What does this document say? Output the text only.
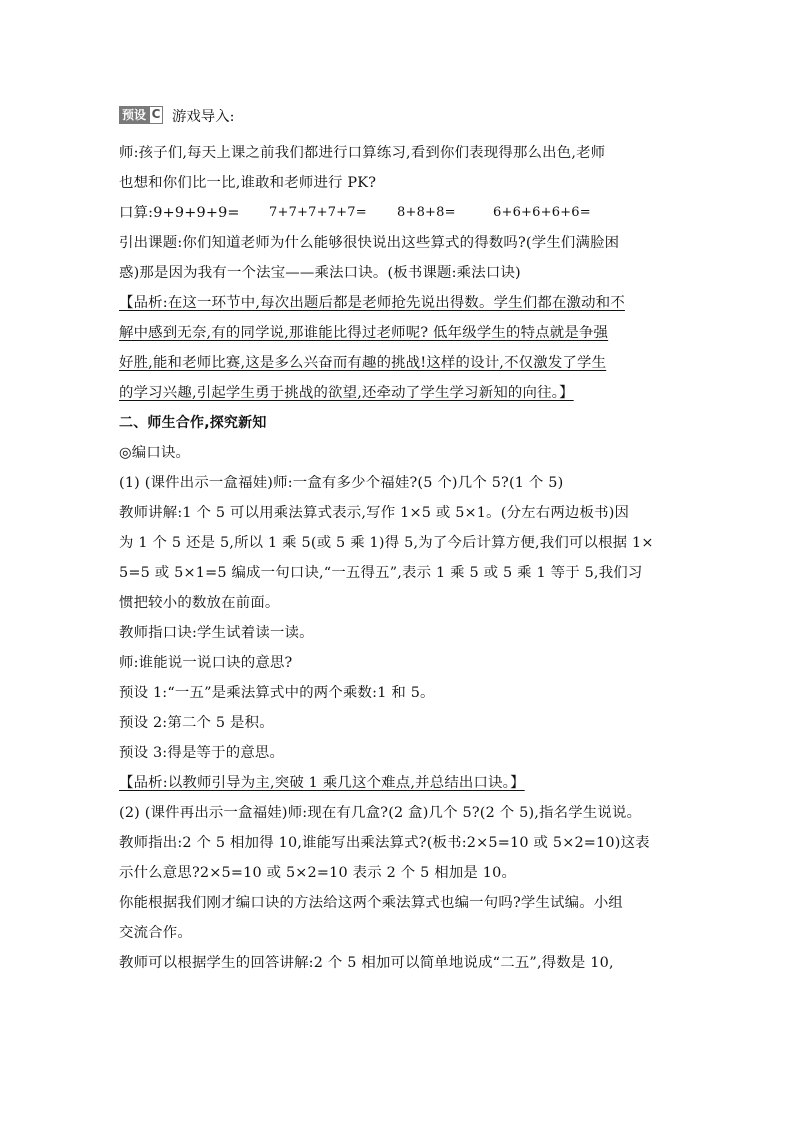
预设 C 游戏导入:
师:孩子们,每天上课之前我们都进行口算练习,看到你们表现得那么出色,老师
也想和你们比一比,谁敢和老师进行 PK?
口算:9+9+9+9=	7+7+7+7+7=	8+8+8=	6+6+6+6+6=
引出课题:你们知道老师为什么能够很快说出这些算式的得数吗?(学生们满脸困
惑)那是因为我有一个法宝——乘法口诀。(板书课题:乘法口诀)
【品析:在这一环节中,每次出题后都是老师抢先说出得数。学生们都在激动和不
解中感到无奈,有的同学说,那谁能比得过老师呢? 低年级学生的特点就是争强
好胜,能和老师比赛,这是多么兴奋而有趣的挑战!这样的设计,不仅激发了学生
的学习兴趣,引起学生勇于挑战的欲望,还牵动了学生学习新知的向往。】
二、师生合作,探究新知
◎编口诀。
(1) (课件出示一盒福娃)师:一盒有多少个福娃?(5 个)几个 5?(1 个 5)
教师讲解:1 个 5 可以用乘法算式表示,写作 1×5 或 5×1。(分左右两边板书)因
为 1 个 5 还是 5,所以 1 乘 5(或 5 乘 1)得 5,为了今后计算方便,我们可以根据 1×
5=5 或 5×1=5 编成一句口诀,“一五得五”,表示 1 乘 5 或 5 乘 1 等于 5,我们习
惯把较小的数放在前面。
教师指口诀:学生试着读一读。
师:谁能说一说口诀的意思?
预设 1:“一五”是乘法算式中的两个乘数:1 和 5。
预设 2:第二个 5 是积。
预设 3:得是等于的意思。
【品析:以教师引导为主,突破 1 乘几这个难点,并总结出口诀。】
(2) (课件再出示一盒福娃)师:现在有几盒?(2 盒)几个 5?(2 个 5),指名学生说说。
教师指出:2 个 5 相加得 10,谁能写出乘法算式?(板书:2×5=10 或 5×2=10)这表
示什么意思?2×5=10 或 5×2=10 表示 2 个 5 相加是 10。
你能根据我们刚才编口诀的方法给这两个乘法算式也编一句吗?学生试编。小组
交流合作。
教师可以根据学生的回答讲解:2 个 5 相加可以简单地说成“二五”,得数是 10,
